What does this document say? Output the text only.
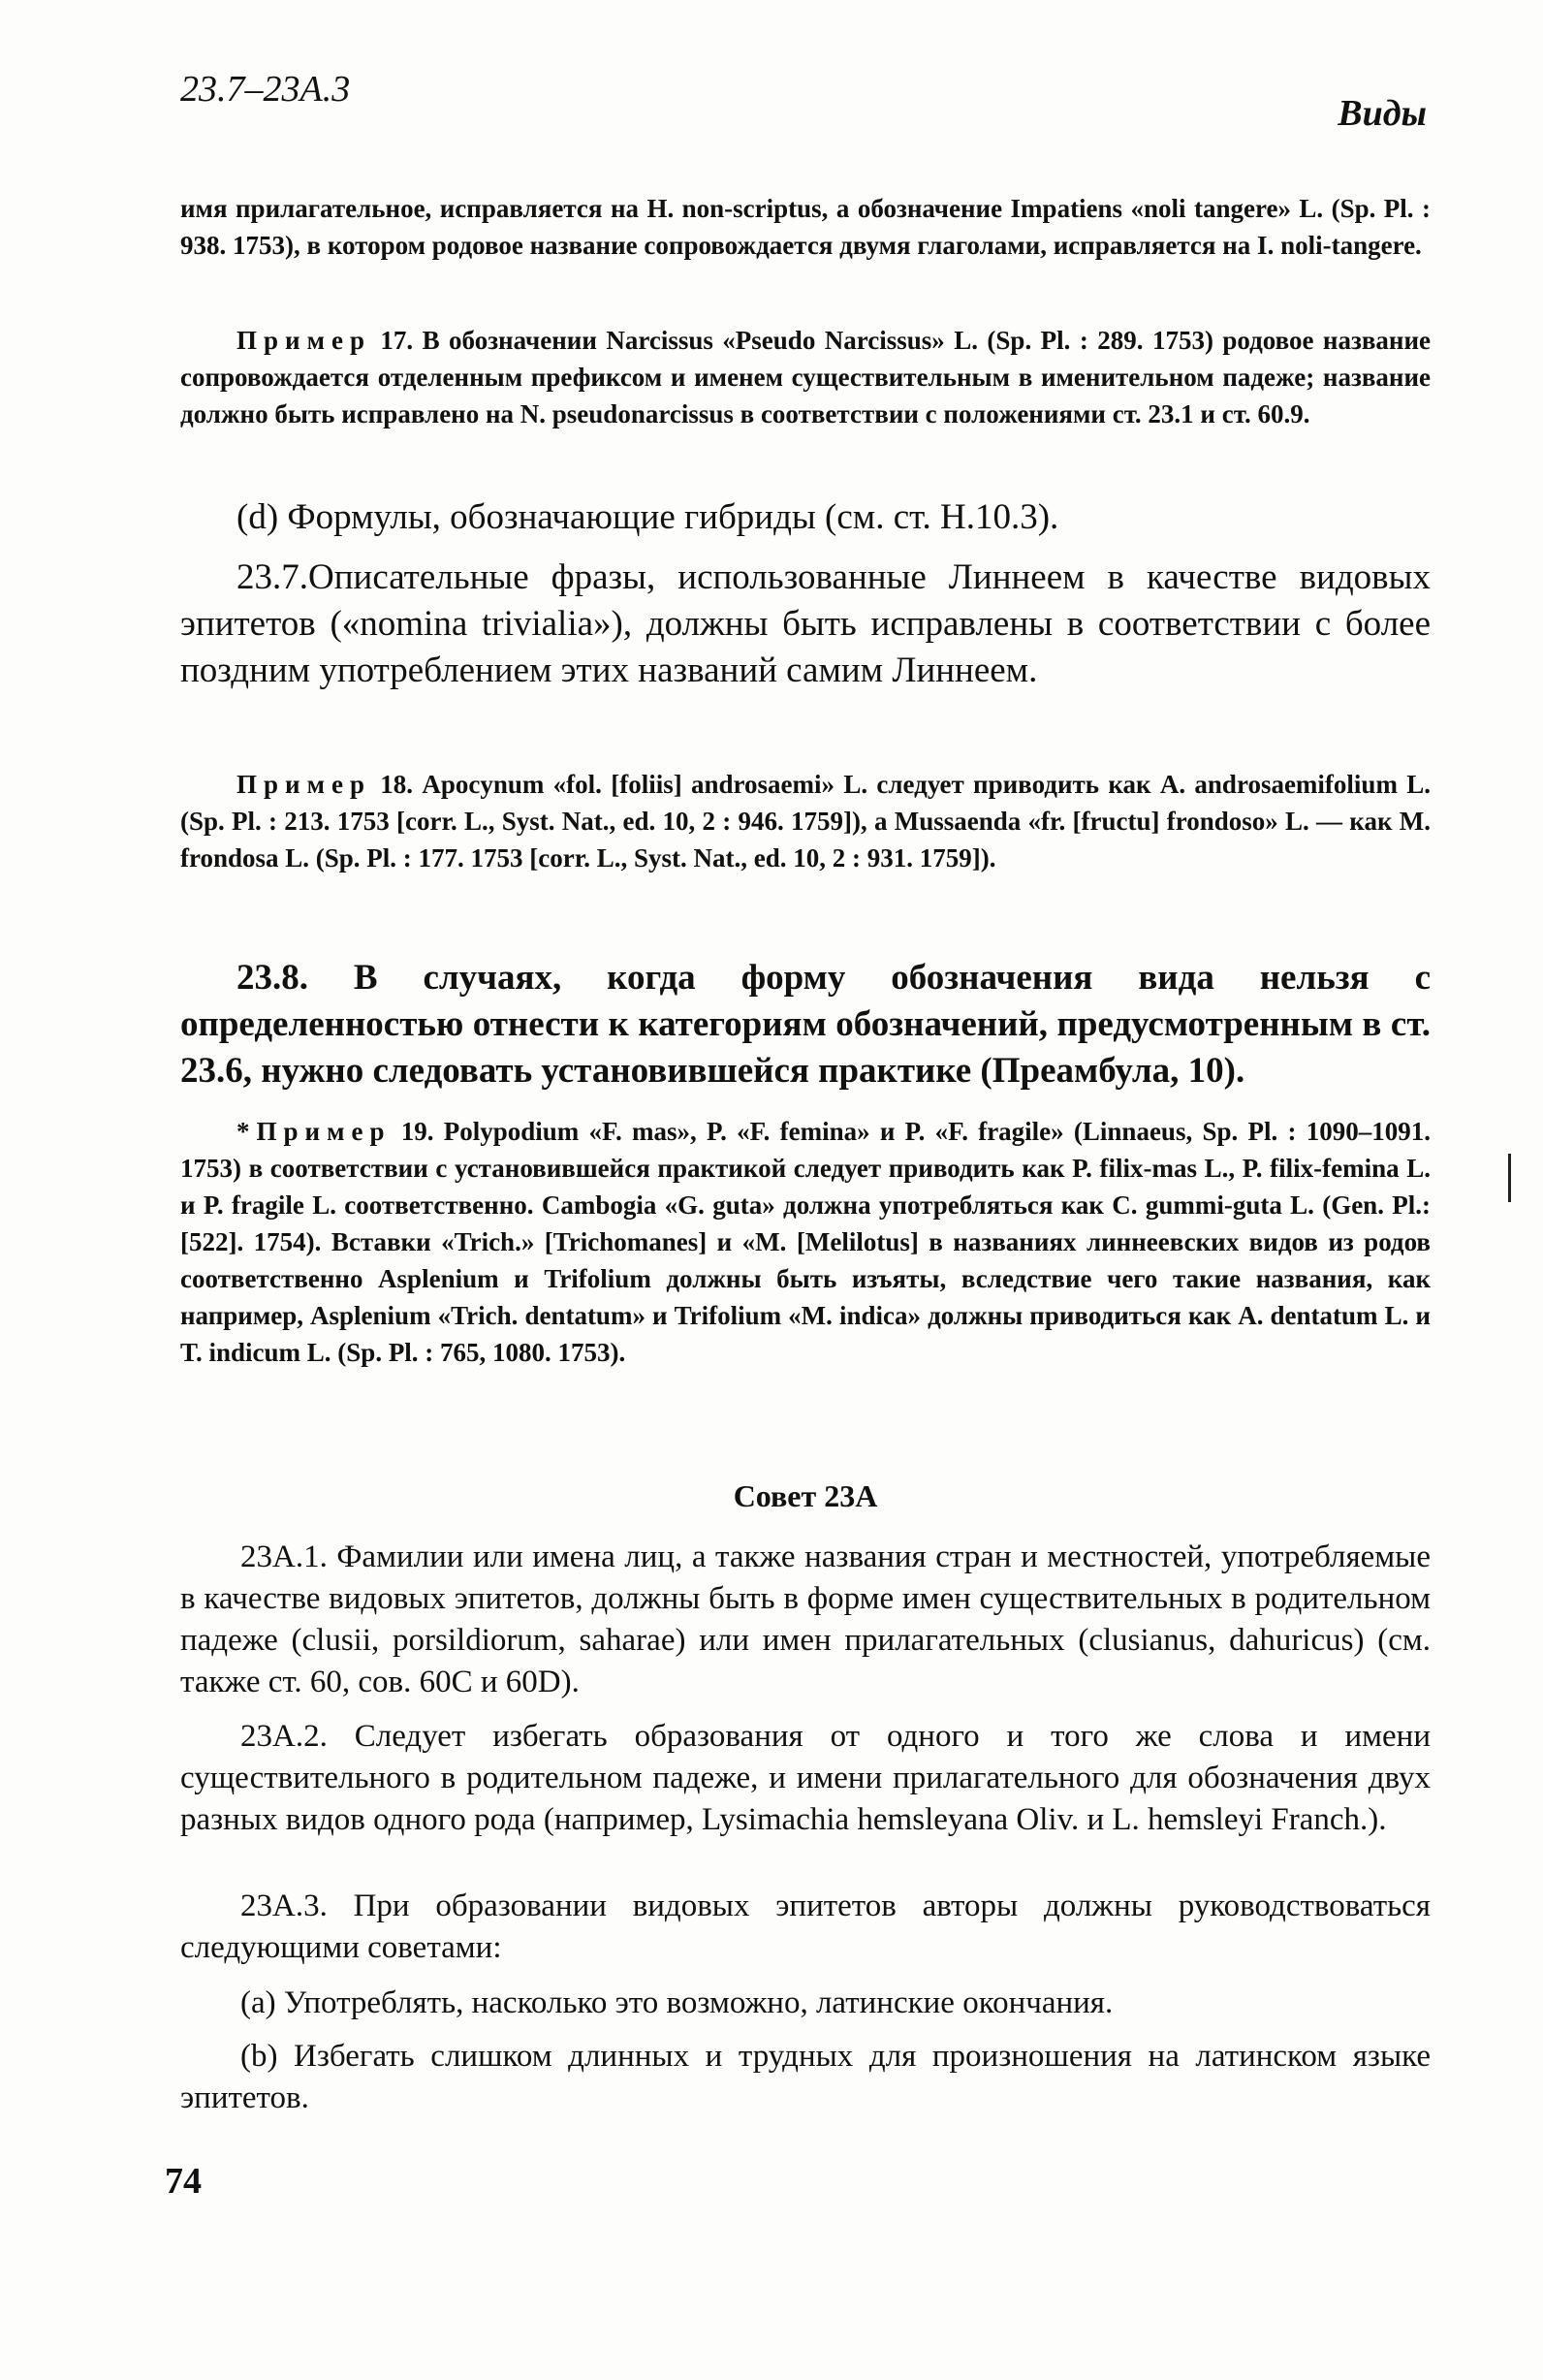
23.7–23A.3
Виды

имя прилагательное, исправляется на H. non-scriptus, а обозначение Impatiens «noli tangere» L. (Sp. Pl. : 938. 1753), в котором родовое название сопровождается двумя глаголами, исправляется на I. noli-tangere.

Пример 17. В обозначении Narcissus «Pseudo Narcissus» L. (Sp. Pl. : 289. 1753) родовое название сопровождается отделенным префиксом и именем существительным в именительном падеже; название должно быть исправлено на N. pseudonarcissus в соответствии с положениями ст. 23.1 и ст. 60.9.

(d) Формулы, обозначающие гибриды (см. ст. H.10.3).

23.7.Описательные фразы, использованные Линнеем в качестве видовых эпитетов («nomina trivialia»), должны быть исправлены в соответствии с более поздним употреблением этих названий самим Линнеем.

Пример 18. Apocynum «fol. [foliis] androsaemi» L. следует приводить как A. androsaemifolium L. (Sp. Pl. : 213. 1753 [corr. L., Syst. Nat., ed. 10, 2 : 946. 1759]), а Mussaenda «fr. [fructu] frondoso» L. — как M. frondosa L. (Sp. Pl. : 177. 1753 [corr. L., Syst. Nat., ed. 10, 2 : 931. 1759]).

23.8. В случаях, когда форму обозначения вида нельзя с определенностью отнести к категориям обозначений, предусмотренным в ст. 23.6, нужно следовать установившейся практике (Преамбула, 10).

*Пример 19. Polypodium «F. mas», P. «F. femina» и P. «F. fragile» (Linnaeus, Sp. Pl. : 1090–1091. 1753) в соответствии с установившейся практикой следует приводить как P. filix-mas L., P. filix-femina L. и P. fragile L. соответственно. Cambogia «G. guta» должна употребляться как C. gummi-guta L. (Gen. Pl.: [522]. 1754). Вставки «Trich.» [Trichomanes] и «M. [Melilotus] в названиях линнеевских видов из родов соответственно Asplenium и Trifolium должны быть изъяты, вследствие чего такие названия, как например, Asplenium «Trich. dentatum» и Trifolium «M. indica» должны приводиться как A. dentatum L. и T. indicum L. (Sp. Pl. : 765, 1080. 1753).

Совет 23A

23A.1. Фамилии или имена лиц, а также названия стран и местностей, употребляемые в качестве видовых эпитетов, должны быть в форме имен существительных в родительном падеже (clusii, porsildiorum, saharae) или имен прилагательных (clusianus, dahuricus) (см. также ст. 60, сов. 60C и 60D).

23A.2. Следует избегать образования от одного и того же слова и имени существительного в родительном падеже, и имени прилагательного для обозначения двух разных видов одного рода (например, Lysimachia hemsleyana Oliv. и L. hemsleyi Franch.).

23A.3. При образовании видовых эпитетов авторы должны руководствоваться следующими советами:

(a) Употреблять, насколько это возможно, латинские окончания.

(b) Избегать слишком длинных и трудных для произношения на латинском языке эпитетов.

74
